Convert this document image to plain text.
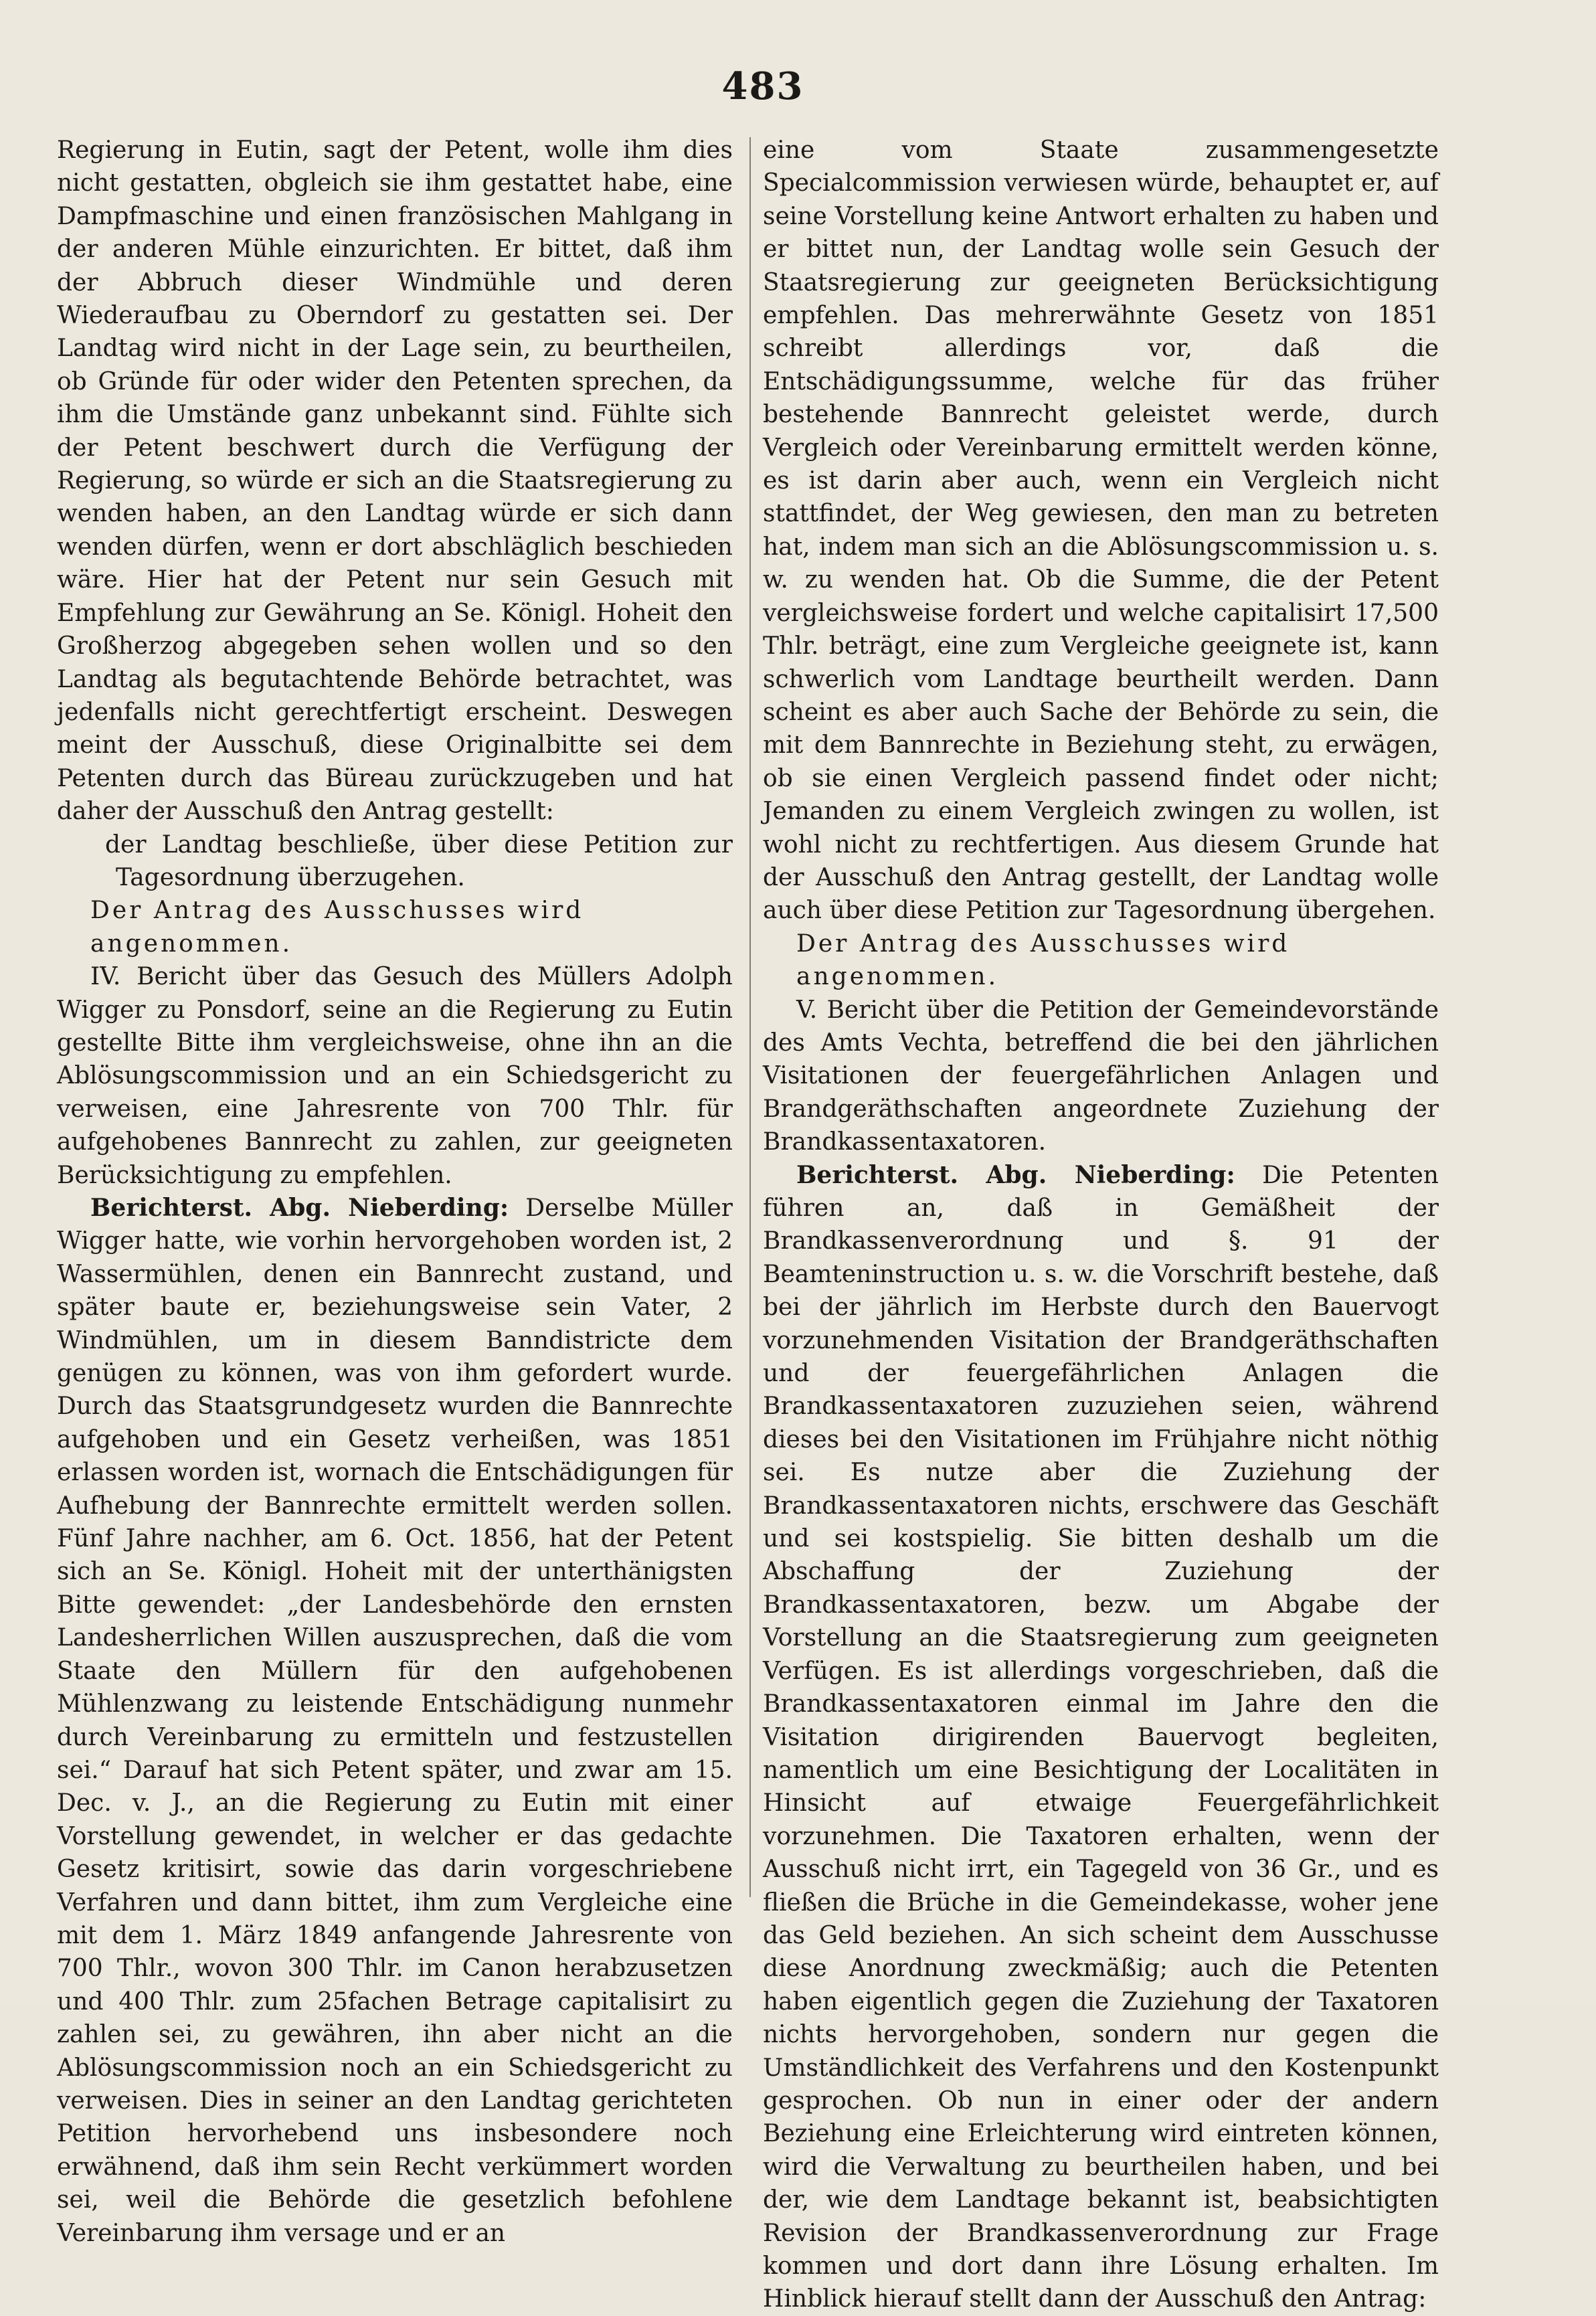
483

Regierung in Eutin, sagt der Petent, wolle ihm dies nicht gestatten, obgleich sie ihm gestattet habe, eine Dampfmaschine und einen französischen Mahlgang in der anderen Mühle einzurichten. Er bittet, daß ihm der Abbruch dieser Windmühle und deren Wiederaufbau zu Oberndorf zu gestatten sei. Der Landtag wird nicht in der Lage sein, zu beurtheilen, ob Gründe für oder wider den Petenten sprechen, da ihm die Umstände ganz unbekannt sind. Fühlte sich der Petent beschwert durch die Verfügung der Regierung, so würde er sich an die Staatsregierung zu wenden haben, an den Landtag würde er sich dann wenden dürfen, wenn er dort abschläglich beschieden wäre. Hier hat der Petent nur sein Gesuch mit Empfehlung zur Gewährung an Se. Königl. Hoheit den Großherzog abgegeben sehen wollen und so den Landtag als begutachtende Behörde betrachtet, was jedenfalls nicht gerechtfertigt erscheint. Deswegen meint der Ausschuß, diese Originalbitte sei dem Petenten durch das Büreau zurückzugeben und hat daher der Ausschuß den Antrag gestellt:

der Landtag beschließe, über diese Petition zur Tagesordnung überzugehen.

Der Antrag des Ausschusses wird angenommen.

IV. Bericht über das Gesuch des Müllers Adolph Wigger zu Ponsdorf, seine an die Regierung zu Eutin gestellte Bitte ihm vergleichsweise, ohne ihn an die Ablösungscommission und an ein Schiedsgericht zu verweisen, eine Jahresrente von 700 Thlr. für aufgehobenes Bannrecht zu zahlen, zur geeigneten Berücksichtigung zu empfehlen.

Berichterst. Abg. Nieberding: Derselbe Müller Wigger hatte, wie vorhin hervorgehoben worden ist, 2 Wassermühlen, denen ein Bannrecht zustand, und später baute er, beziehungsweise sein Vater, 2 Windmühlen, um in diesem Banndistricte dem genügen zu können, was von ihm gefordert wurde. Durch das Staatsgrundgesetz wurden die Bannrechte aufgehoben und ein Gesetz verheißen, was 1851 erlassen worden ist, wornach die Entschädigungen für Aufhebung der Bannrechte ermittelt werden sollen. Fünf Jahre nachher, am 6. Oct. 1856, hat der Petent sich an Se. Königl. Hoheit mit der unterthänigsten Bitte gewendet: „der Landesbehörde den ernsten Landesherrlichen Willen auszusprechen, daß die vom Staate den Müllern für den aufgehobenen Mühlenzwang zu leistende Entschädigung nunmehr durch Vereinbarung zu ermitteln und festzustellen sei.“ Darauf hat sich Petent später, und zwar am 15. Dec. v. J., an die Regierung zu Eutin mit einer Vorstellung gewendet, in welcher er das gedachte Gesetz kritisirt, sowie das darin vorgeschriebene Verfahren und dann bittet, ihm zum Vergleiche eine mit dem 1. März 1849 anfangende Jahresrente von 700 Thlr., wovon 300 Thlr. im Canon herabzusetzen und 400 Thlr. zum 25fachen Betrage capitalisirt zu zahlen sei, zu gewähren, ihn aber nicht an die Ablösungscommission noch an ein Schiedsgericht zu verweisen. Dies in seiner an den Landtag gerichteten Petition hervorhebend uns insbesondere noch erwähnend, daß ihm sein Recht verkümmert worden sei, weil die Behörde die gesetzlich befohlene Vereinbarung ihm versage und er an

eine vom Staate zusammengesetzte Specialcommission verwiesen würde, behauptet er, auf seine Vorstellung keine Antwort erhalten zu haben und er bittet nun, der Landtag wolle sein Gesuch der Staatsregierung zur geeigneten Berücksichtigung empfehlen. Das mehrerwähnte Gesetz von 1851 schreibt allerdings vor, daß die Entschädigungssumme, welche für das früher bestehende Bannrecht geleistet werde, durch Vergleich oder Vereinbarung ermittelt werden könne, es ist darin aber auch, wenn ein Vergleich nicht stattfindet, der Weg gewiesen, den man zu betreten hat, indem man sich an die Ablösungscommission u. s. w. zu wenden hat. Ob die Summe, die der Petent vergleichsweise fordert und welche capitalisirt 17,500 Thlr. beträgt, eine zum Vergleiche geeignete ist, kann schwerlich vom Landtage beurtheilt werden. Dann scheint es aber auch Sache der Behörde zu sein, die mit dem Bannrechte in Beziehung steht, zu erwägen, ob sie einen Vergleich passend findet oder nicht; Jemanden zu einem Vergleich zwingen zu wollen, ist wohl nicht zu rechtfertigen. Aus diesem Grunde hat der Ausschuß den Antrag gestellt, der Landtag wolle auch über diese Petition zur Tagesordnung übergehen.

Der Antrag des Ausschusses wird angenommen.

V. Bericht über die Petition der Gemeindevorstände des Amts Vechta, betreffend die bei den jährlichen Visitationen der feuergefährlichen Anlagen und Brandgeräthschaften angeordnete Zuziehung der Brandkassentaxatoren.

Berichterst. Abg. Nieberding: Die Petenten führen an, daß in Gemäßheit der Brandkassenverordnung und §. 91 der Beamteninstruction u. s. w. die Vorschrift bestehe, daß bei der jährlich im Herbste durch den Bauervogt vorzunehmenden Visitation der Brandgeräthschaften und der feuergefährlichen Anlagen die Brandkassentaxatoren zuzuziehen seien, während dieses bei den Visitationen im Frühjahre nicht nöthig sei. Es nutze aber die Zuziehung der Brandkassentaxatoren nichts, erschwere das Geschäft und sei kostspielig. Sie bitten deshalb um die Abschaffung der Zuziehung der Brandkassentaxatoren, bezw. um Abgabe der Vorstellung an die Staatsregierung zum geeigneten Verfügen. Es ist allerdings vorgeschrieben, daß die Brandkassentaxatoren einmal im Jahre den die Visitation dirigirenden Bauervogt begleiten, namentlich um eine Besichtigung der Localitäten in Hinsicht auf etwaige Feuergefährlichkeit vorzunehmen. Die Taxatoren erhalten, wenn der Ausschuß nicht irrt, ein Tagegeld von 36 Gr., und es fließen die Brüche in die Gemeindekasse, woher jene das Geld beziehen. An sich scheint dem Ausschusse diese Anordnung zweckmäßig; auch die Petenten haben eigentlich gegen die Zuziehung der Taxatoren nichts hervorgehoben, sondern nur gegen die Umständlichkeit des Verfahrens und den Kostenpunkt gesprochen. Ob nun in einer oder der andern Beziehung eine Erleichterung wird eintreten können, wird die Verwaltung zu beurtheilen haben, und bei der, wie dem Landtage bekannt ist, beabsichtigten Revision der Brandkassenverordnung zur Frage kommen und dort dann ihre Lösung erhalten. Im Hinblick hierauf stellt dann der Ausschuß den Antrag:
